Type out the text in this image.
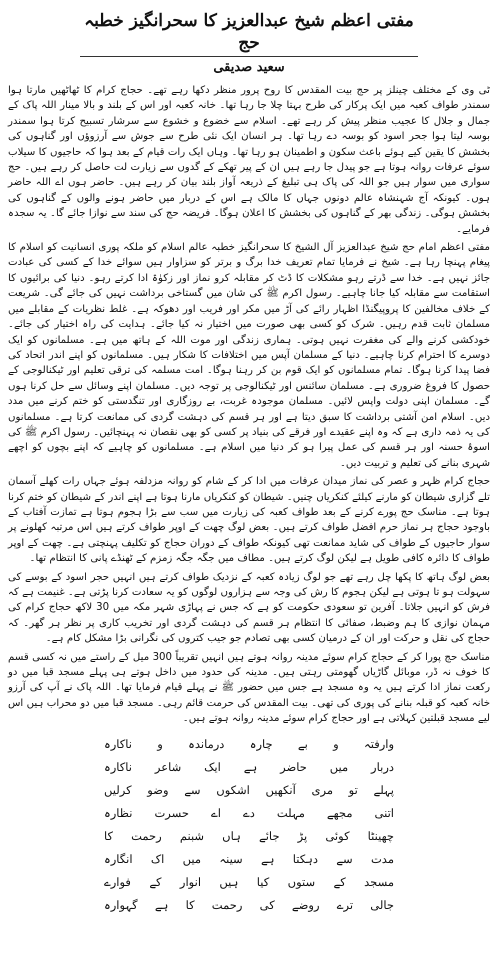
مفتی اعظم شیخ عبدالعزیز کا سحرانگیز خطبہ حج
سعید صدیقی

ٹی وی کے مختلف چینلز پر حج بیت المقدس کا روح پرور منظر دکھا رہے تھے۔ حجاج کرام کا ٹھاٹھیں مارتا ہوا سمندر طواف کعبہ میں ایک پرکار کی طرح بہتا چلا جا رہا تھا۔ خانہ کعبہ اور اس کے بلند و بالا مینار اللہ پاک کے جمال و جلال کا عجیب منظر پیش کر رہے تھے۔ اسلام سے خضوع و خشوع سے سرشار تسبیح کرتا ہوا سمندر بوسہ لیتا ہوا جحر اسود کو بوسہ دے رہا تھا۔ ہر انسان ایک نئی طرح سے جوش سے آرزوؤں اور گناہوں کی بخشش کا یقین کیے ہوئے باعث سکون و اطمینان ہو رہا تھا۔ وہاں ایک رات قیام کے بعد ہوا کہ حاجیوں کا سیلاب سوئے عرفات روانہ ہوتا ہے جو پیدل جا رہے ہیں ان کے پیر تھکے کے گدوں سے زیارت لت حاصل کر رہے ہیں۔ حج سواری میں سوار ہیں جو اللہ کی پاک ہی تبلیغ کے ذریعہ آواز بلند بیان کر رہے ہیں۔ حاضر ہوں اے اللہ حاضر ہوں۔ کیونکہ آج شہنشاہ عالم دونوں جہاں کا مالک ہے اس کے دربار میں حاضر ہونے والوں کے گناہوں کی بخشش ہوگی۔ زندگی بھر کے گناہوں کی بخشش کا اعلان ہوگا۔ فریضہ حج کی سند سے نوازا جائے گا۔ یہ سجدہ فرمایے۔

مفتی اعظم امام حج شیخ عبدالعزیز آل الشیخ کا سحرانگیز خطبہ عالم اسلام کو ملکہ پوری انسانیت کو اسلام کا پیغام پہنچا رہا ہے۔ شیخ نے فرمایا تمام تعریف خدا برگ و برتر کو سزاوار ہیں سوائے خدا کے کسی کی عبادت جائز نہیں ہے۔ خدا سے ڈرتے رہو مشکلات کا ڈٹ کر مقابلہ کرو نماز اور زکوٰۃ ادا کرتے رہو۔ دنیا کی برائیوں کا استقامت سے مقابلہ کیا جانا چاہیے۔ رسول اکرم ﷺ کی شان میں گستاخی برداشت نہیں کی جائے گی۔ شریعت کے خلاف مخالفین کا پروپیگنڈا اظہار رائے کی آڑ میں مکر اور فریب اور دھوکہ ہے۔ غلط نظریات کے مقابلے میں مسلمان ثابت قدم رہیں۔ شرک کو کسی بھی صورت میں اختیار نہ کیا جائے۔ ہدایت کی راہ اختیار کی جائے۔ خودکشی کرنے والے کی مغفرت نہیں ہوتی۔ ہماری زندگی اور موت اللہ کے ہاتھ میں ہے۔ مسلمانوں کو ایک دوسرے کا احترام کرنا چاہیے۔ دنیا کے مسلمان آپس میں اختلافات کا شکار ہیں۔ مسلمانوں کو اپنے اندر اتحاد کی فضا پیدا کرنا ہوگا۔ تمام مسلمانوں کو ایک قوم بن کر رہنا ہوگا۔ امت مسلمہ کی ترقی تعلیم اور ٹیکنالوجی کے حصول کا فروغ ضروری ہے۔ مسلمان سائنس اور ٹیکنالوجی پر توجہ دیں۔ مسلمان اپنے وسائل سے حل کرنا ہوں گے۔ مسلمان اپنی دولت واپس لائیں۔ مسلمان موجودہ غربت، بے روزگاری اور تنگدستی کو ختم کرنے میں مدد دیں۔ اسلام امن آشتی برداشت کا سبق دیتا ہے اور ہر قسم کی دہشت گردی کی ممانعت کرتا ہے۔ مسلمانوں کی یہ ذمہ داری ہے کہ وہ اپنے عقیدے اور فرقے کی بنیاد پر کسی کو بھی نقصان نہ پہنچائیں۔ رسول اکرم ﷺ کی اسوۂ حسنہ اور ہر قسم کی عمل پیرا ہو کر دنیا میں اسلام ہے۔ مسلمانوں کو چاہیے کہ اپنے بچوں کو اچھے شہری بنانے کی تعلیم و تربیت دیں۔

حجاج کرام ظہر و عصر کی نماز میدان عرفات میں ادا کر کے شام کو روانہ مزدلفہ ہوئے جہاں رات کھلے آسمان تلے گزاری شیطان کو مارنے کیلئے کنکریاں چنیں۔ شیطان کو کنکریاں مارنا ہوتا ہے اپنے اندر کے شیطان کو ختم کرنا ہوتا ہے۔ مناسک حج پورے کرنے کے بعد طواف کعبہ کی زیارت میں سب سے بڑا ہجوم ہوتا ہے تمازت آفتاب کے باوجود حجاج ہر نماز حرم افضل طواف کرتے ہیں۔ بعض لوگ چھت کے اوپر طواف کرتے ہیں اس مرتبہ کھلونے پر سوار حاجیوں کے طواف کی شاید ممانعت تھی کیونکہ طواف کے دوران حجاج کو تکلیف پہنچتی ہے۔ چھت کے اوپر طواف کا دائرہ کافی طویل ہے لیکن لوگ کرتے ہیں۔ مطاف میں جگہ جگہ زمزم کے ٹھنڈے پانی کا انتظام تھا۔

بعض لوگ ہاتھ کا پکھا چل رہے تھے جو لوگ زیادہ کعبہ کے نزدیک طواف کرتے ہیں انہیں حجر اسود کے بوسے کی سہولت ہو تا ہوتی ہے لیکن ہجوم کا رش کی وجہ سے ہزاروں لوگوں کو یہ سعادت کرنا پڑتی ہے۔ غنیمت ہے کہ فرش کو انہیں جلاتا۔ آفرین تو سعودی حکومت کو ہے کہ جس نے پہاڑی شہر مکہ میں 30 لاکھ حجاج کرام کی مہمان نوازی کا ہم وضبط، صفائی کا انتظام ہر قسم کی دہشت گردی اور تخریب کاری پر نظر ہر گھر۔ کہ حجاج کی نقل و حرکت اور ان کے درمیان کسی بھی تصادم جو جیب کتروں کی نگرانی بڑا مشکل کام ہے۔

مناسک حج پورا کر کے حجاج کرام سوئے مدینہ روانہ ہوتے ہیں انہیں تقریباً 300 میل کے راستے میں نہ کسی قسم کا خوف نہ ڈر، موبائل گاڑیاں گھومتی رہتی ہیں۔ مدینہ کی حدود میں داخل ہوتے ہی پہلے مسجد قبا میں دو رکعت نماز ادا کرتے ہیں یہ وہ مسجد ہے جس میں حضور ﷺ نے پہلے قیام فرمایا تھا۔ اللہ پاک نے آپ کی آرزو خانہ کعبہ کو قبلہ بنانے کی پوری کی تھی۔ بیت المقدس کی حرمت قائم رہی۔ مسجد قبا میں دو محراب ہیں اس لیے مسجد قبلتین کہلاتی ہے اور حجاج کرام سوئے مدینہ روانہ ہوتے ہیں۔

وارفتہ و بے چارہ درماندہ و ناکارہ
دربار میں حاضر ہے ایک شاعر ناکارہ
پہلے تو مری آنکھیں اشکوں سے وضو کرلیں
اتنی مجھے مہلت دے اے حسرت نظارہ
چھینٹا کوئی پڑ جائے ہاں شبنم رحمت کا
مدت سے دہکتا ہے سینہ میں اک انگارہ
مسجد کے ستوں کیا ہیں انوار کے فوارے
جالی ترے روضے کی رحمت کا ہے گہوارہ
